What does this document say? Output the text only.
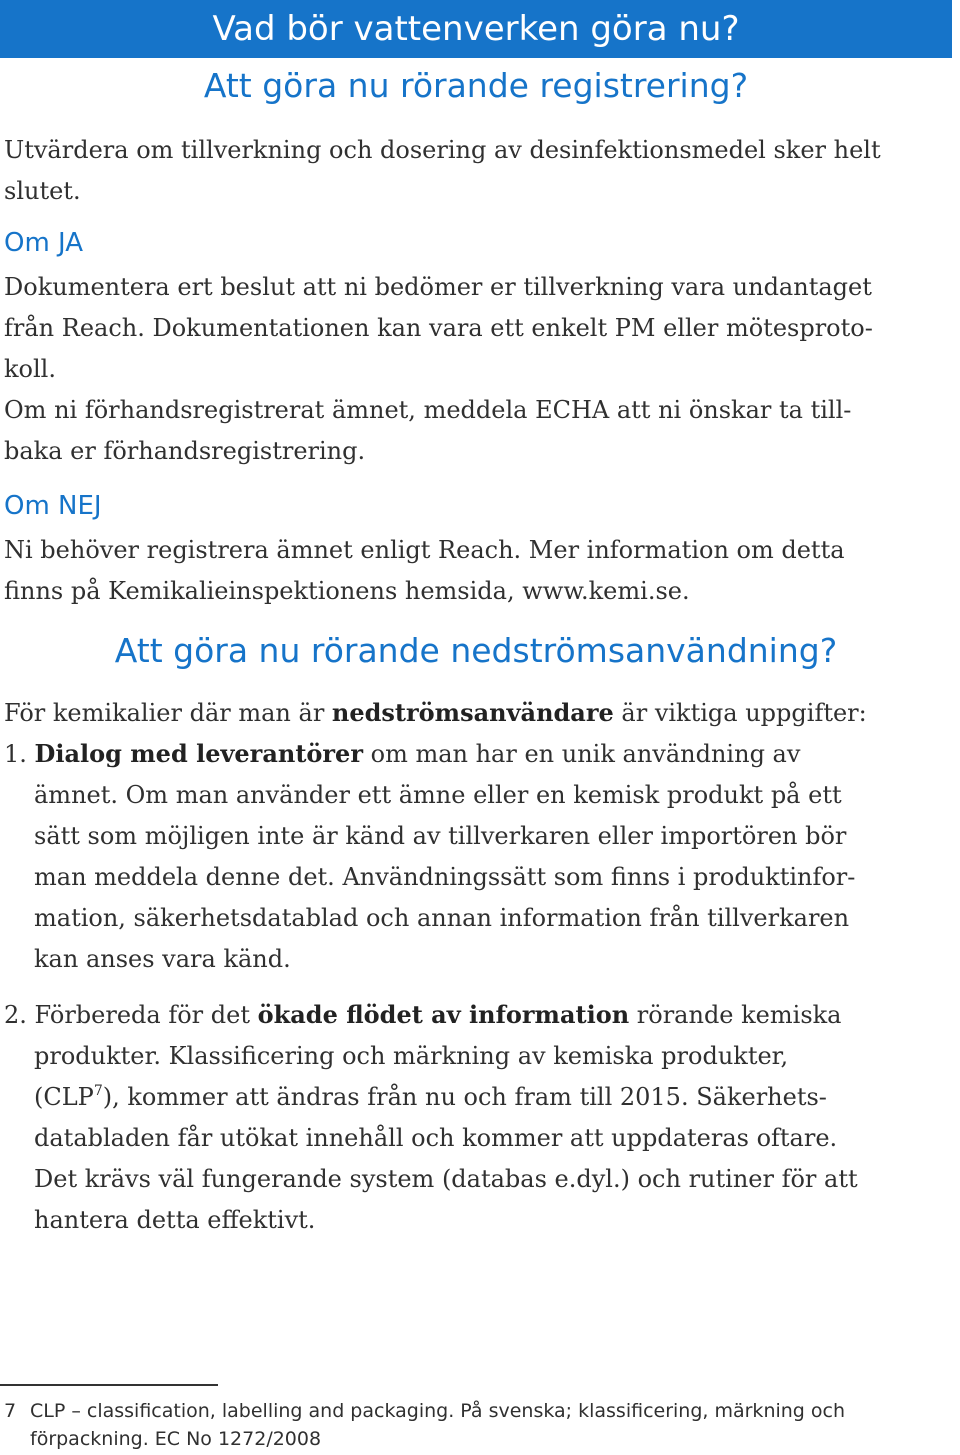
Vad bör vattenverken göra nu?
Att göra nu rörande registrering?
Utvärdera om tillverkning och dosering av desinfektionsmedel sker helt
slutet.
Om JA
Dokumentera ert beslut att ni bedömer er tillverkning vara undantaget
från Reach. Dokumentationen kan vara ett enkelt PM eller mötesproto-
koll.
Om ni förhandsregistrerat ämnet, meddela ECHA att ni önskar ta till-
baka er förhandsregistrering.
Om NEJ
Ni behöver registrera ämnet enligt Reach. Mer information om detta
finns på Kemikalieinspektionens hemsida, www.kemi.se.
Att göra nu rörande nedströmsanvändning?
För kemikalier där man är nedströmsanvändare är viktiga uppgifter:
1. Dialog med leverantörer om man har en unik användning av
ämnet. Om man använder ett ämne eller en kemisk produkt på ett
sätt som möjligen inte är känd av tillverkaren eller importören bör
man meddela denne det. Användningssätt som finns i produktinfor-
mation, säkerhetsdatablad och annan information från tillverkaren
kan anses vara känd.
2. Förbereda för det ökade flödet av information rörande kemiska
produkter. Klassificering och märkning av kemiska produkter,
(CLP$^7$), kommer att ändras från nu och fram till 2015. Säkerhets-
databladen får utökat innehåll och kommer att uppdateras oftare.
Det krävs väl fungerande system (databas e.dyl.) och rutiner för att
hantera detta effektivt.
7 CLP – classification, labelling and packaging. På svenska; klassificering, märkning och
förpackning. EC No 1272/2008
